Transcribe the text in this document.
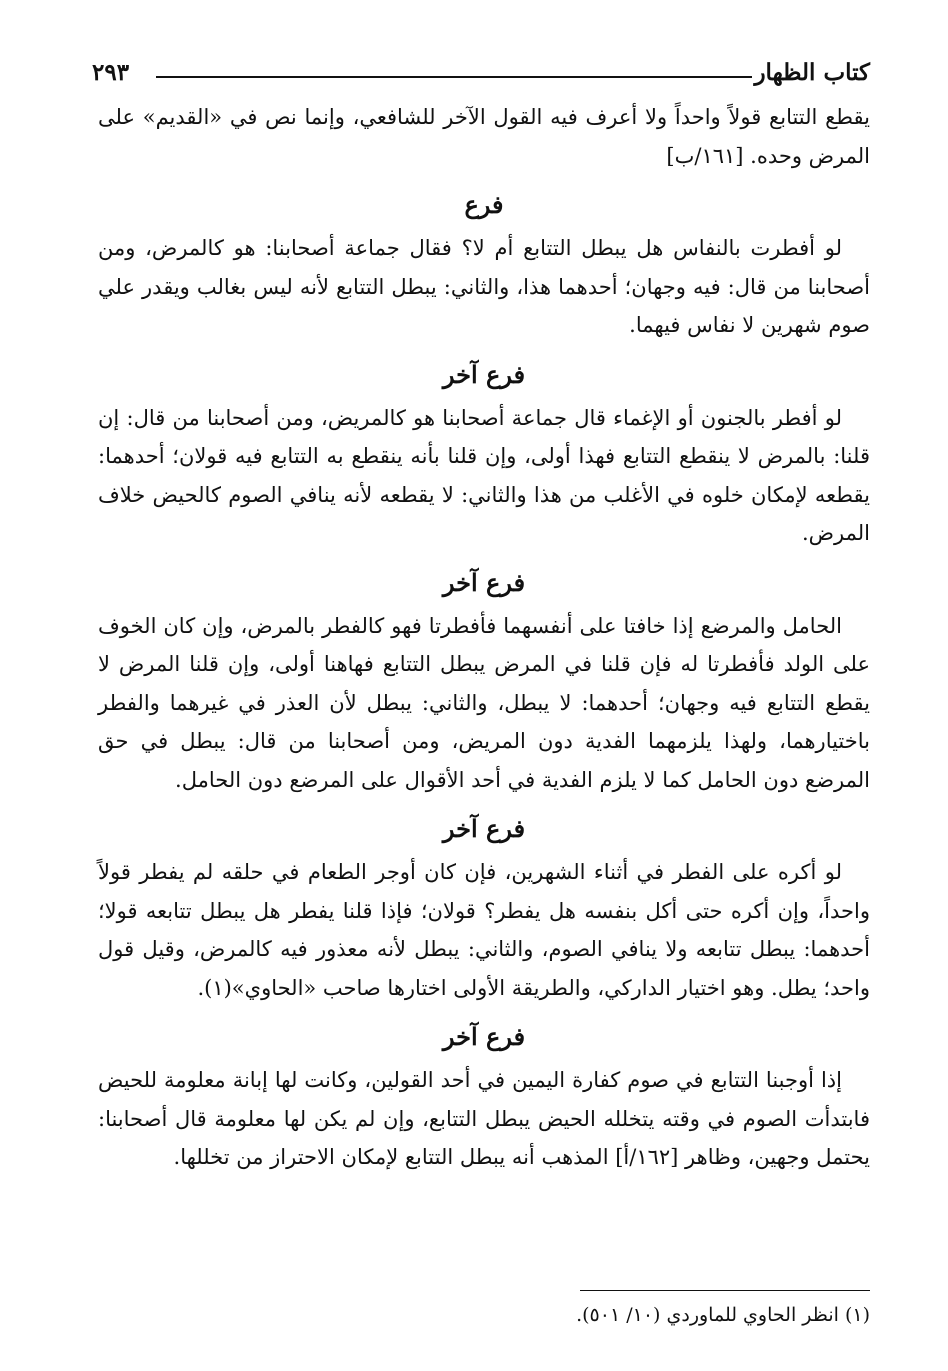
كتاب الظهار
٢٩٣

يقطع التتابع قولاً واحداً ولا أعرف فيه القول الآخر للشافعي، وإنما نص في «القديم» على المرض وحده. [١٦١/ب]

فرع

لو أفطرت بالنفاس هل يبطل التتابع أم لا؟ فقال جماعة أصحابنا: هو كالمرض، ومن أصحابنا من قال: فيه وجهان؛ أحدهما هذا، والثاني: يبطل التتابع لأنه ليس بغالب ويقدر علي صوم شهرين لا نفاس فيهما.

فرع آخر

لو أفطر بالجنون أو الإغماء قال جماعة أصحابنا هو كالمريض، ومن أصحابنا من قال: إن قلنا: بالمرض لا ينقطع التتابع فهذا أولى، وإن قلنا بأنه ينقطع به التتابع فيه قولان؛ أحدهما: يقطعه لإمكان خلوه في الأغلب من هذا والثاني: لا يقطعه لأنه ينافي الصوم كالحيض خلاف المرض.

فرع آخر

الحامل والمرضع إذا خافتا على أنفسهما فأفطرتا فهو كالفطر بالمرض، وإن كان الخوف على الولد فأفطرتا له فإن قلنا في المرض يبطل التتابع فهاهنا أولى، وإن قلنا المرض لا يقطع التتابع فيه وجهان؛ أحدهما: لا يبطل، والثاني: يبطل لأن العذر في غيرهما والفطر باختيارهما، ولهذا يلزمهما الفدية دون المريض، ومن أصحابنا من قال: يبطل في حق المرضع دون الحامل كما لا يلزم الفدية في أحد الأقوال على المرضع دون الحامل.

فرع آخر

لو أكره على الفطر في أثناء الشهرين، فإن كان أوجر الطعام في حلقه لم يفطر قولاً واحداً، وإن أكره حتى أكل بنفسه هل يفطر؟ قولان؛ فإذا قلنا يفطر هل يبطل تتابعه قولا؛ أحدهما: يبطل تتابعه ولا ينافي الصوم، والثاني: يبطل لأنه معذور فيه كالمرض، وقيل قول واحد؛ يطل. وهو اختيار الداركي، والطريقة الأولى اختارها صاحب «الحاوي»(١).

فرع آخر

إذا أوجبنا التتابع في صوم كفارة اليمين في أحد القولين، وكانت لها إبانة معلومة للحيض فابتدأت الصوم في وقته يتخلله الحيض يبطل التتابع، وإن لم يكن لها معلومة قال أصحابنا: يحتمل وجهين، وظاهر [١٦٢/أ] المذهب أنه يبطل التتابع لإمكان الاحتراز من تخللها.

(١) انظر الحاوي للماوردي (١٠/ ٥٠١).
